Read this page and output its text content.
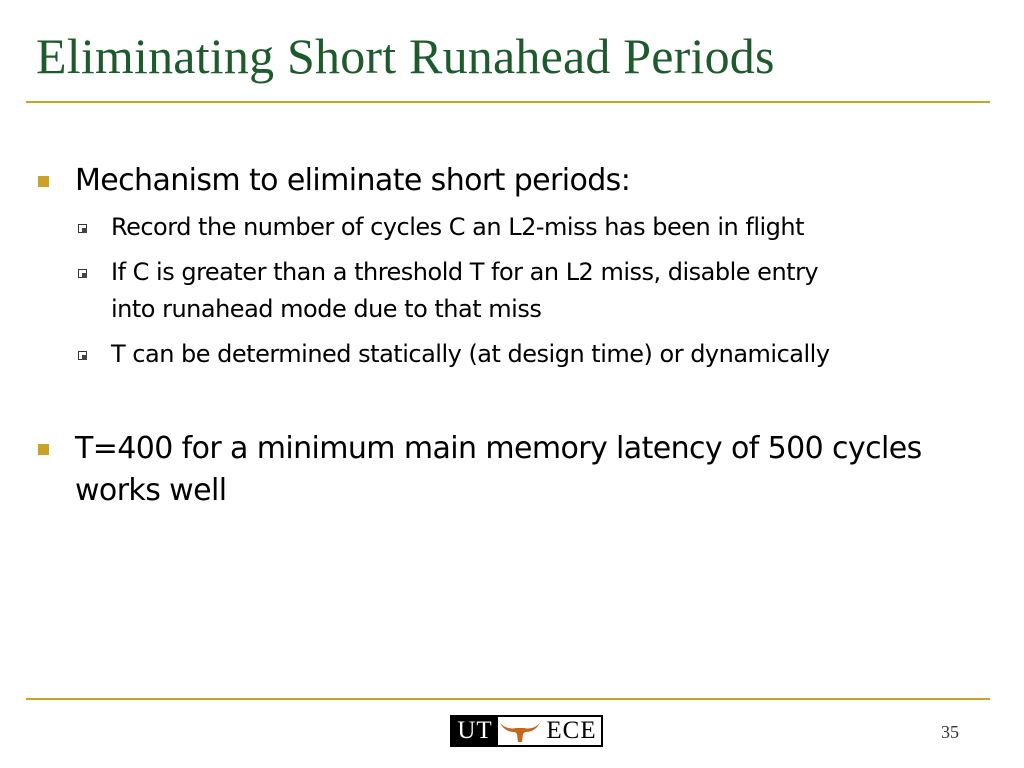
Eliminating Short Runahead Periods
Mechanism to eliminate short periods:
Record the number of cycles C an L2-miss has been in flight
If C is greater than a threshold T for an L2 miss, disable entry
into runahead mode due to that miss
T can be determined statically (at design time) or dynamically
T=400 for a minimum main memory latency of 500 cycles
works well
UT ECE	35
